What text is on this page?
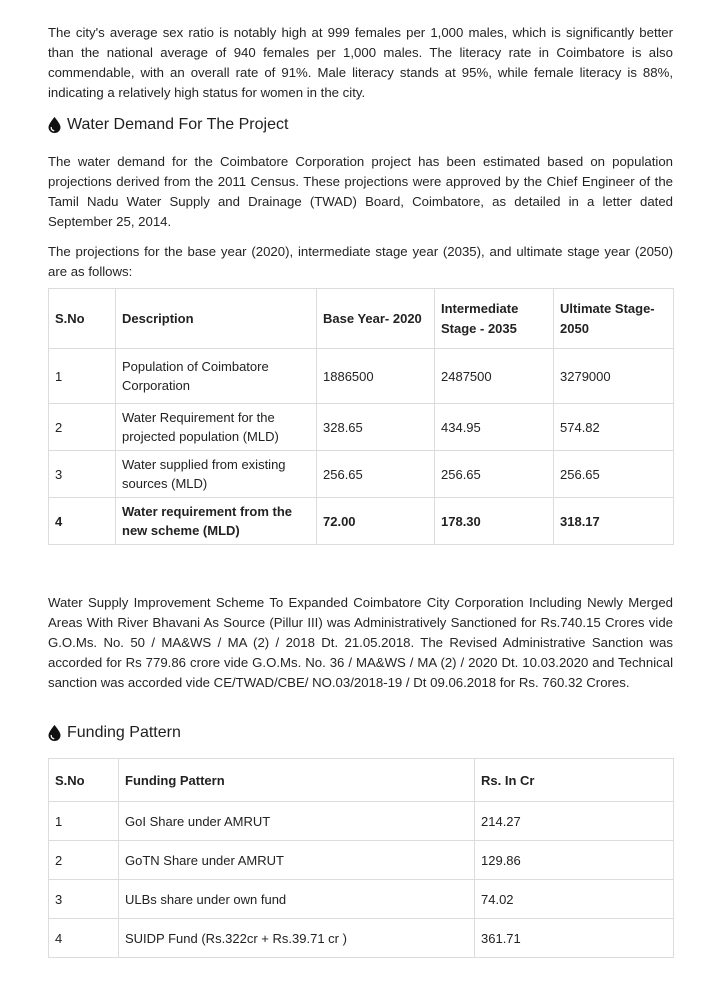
The city's average sex ratio is notably high at 999 females per 1,000 males, which is significantly better than the national average of 940 females per 1,000 males. The literacy rate in Coimbatore is also commendable, with an overall rate of 91%. Male literacy stands at 95%, while female literacy is 88%, indicating a relatively high status for women in the city.

Water Demand For The Project

The water demand for the Coimbatore Corporation project has been estimated based on population projections derived from the 2011 Census. These projections were approved by the Chief Engineer of the Tamil Nadu Water Supply and Drainage (TWAD) Board, Coimbatore, as detailed in a letter dated September 25, 2014.

The projections for the base year (2020), intermediate stage year (2035), and ultimate stage year (2050) are as follows:

S.No	Description	Base Year- 2020	Intermediate Stage - 2035	Ultimate Stage- 2050
1	Population of Coimbatore Corporation	1886500	2487500	3279000
2	Water Requirement for the projected population (MLD)	328.65	434.95	574.82
3	Water supplied from existing sources (MLD)	256.65	256.65	256.65
4	Water requirement from the new scheme (MLD)	72.00	178.30	318.17

Water Supply Improvement Scheme To Expanded Coimbatore City Corporation Including Newly Merged Areas With River Bhavani As Source (Pillur III) was Administratively Sanctioned for Rs.740.15 Crores vide G.O.Ms. No. 50 / MA&WS / MA (2) / 2018 Dt. 21.05.2018. The Revised Administrative Sanction was accorded for Rs 779.86 crore vide G.O.Ms. No. 36 / MA&WS / MA (2) / 2020 Dt. 10.03.2020 and Technical sanction was accorded vide CE/TWAD/CBE/ NO.03/2018-19 / Dt 09.06.2018 for Rs. 760.32 Crores.

Funding Pattern
S.No	Funding Pattern	Rs. In Cr
1	GoI Share under AMRUT	214.27
2	GoTN Share under AMRUT	129.86
3	ULBs share under own fund	74.02
4	SUIDP Fund (Rs.322cr + Rs.39.71 cr )	361.71
